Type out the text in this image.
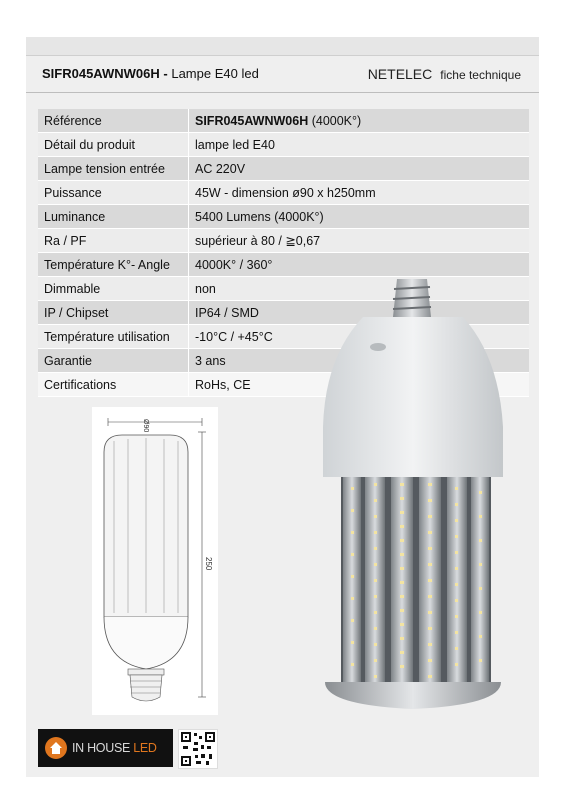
SIFR045AWNW06H - Lampe E40 led	NETELEC fiche technique
Référence	SIFR045AWNW06H (4000K°)
Détail du produit	lampe led E40
Lampe tension entrée	AC 220V
Puissance	45W - dimension ø90 x h250mm
Luminance	5400 Lumens (4000K°)
Ra / PF	supérieur à 80 / ≧0,67
Température K°- Angle	4000K° / 360°
Dimmable	non
IP / Chipset	IP64 / SMD
Température utilisation	-10°C / +45°C
Garantie	3 ans
Certifications	RoHs, CE
Ø90
250
IN HOUSE LED
